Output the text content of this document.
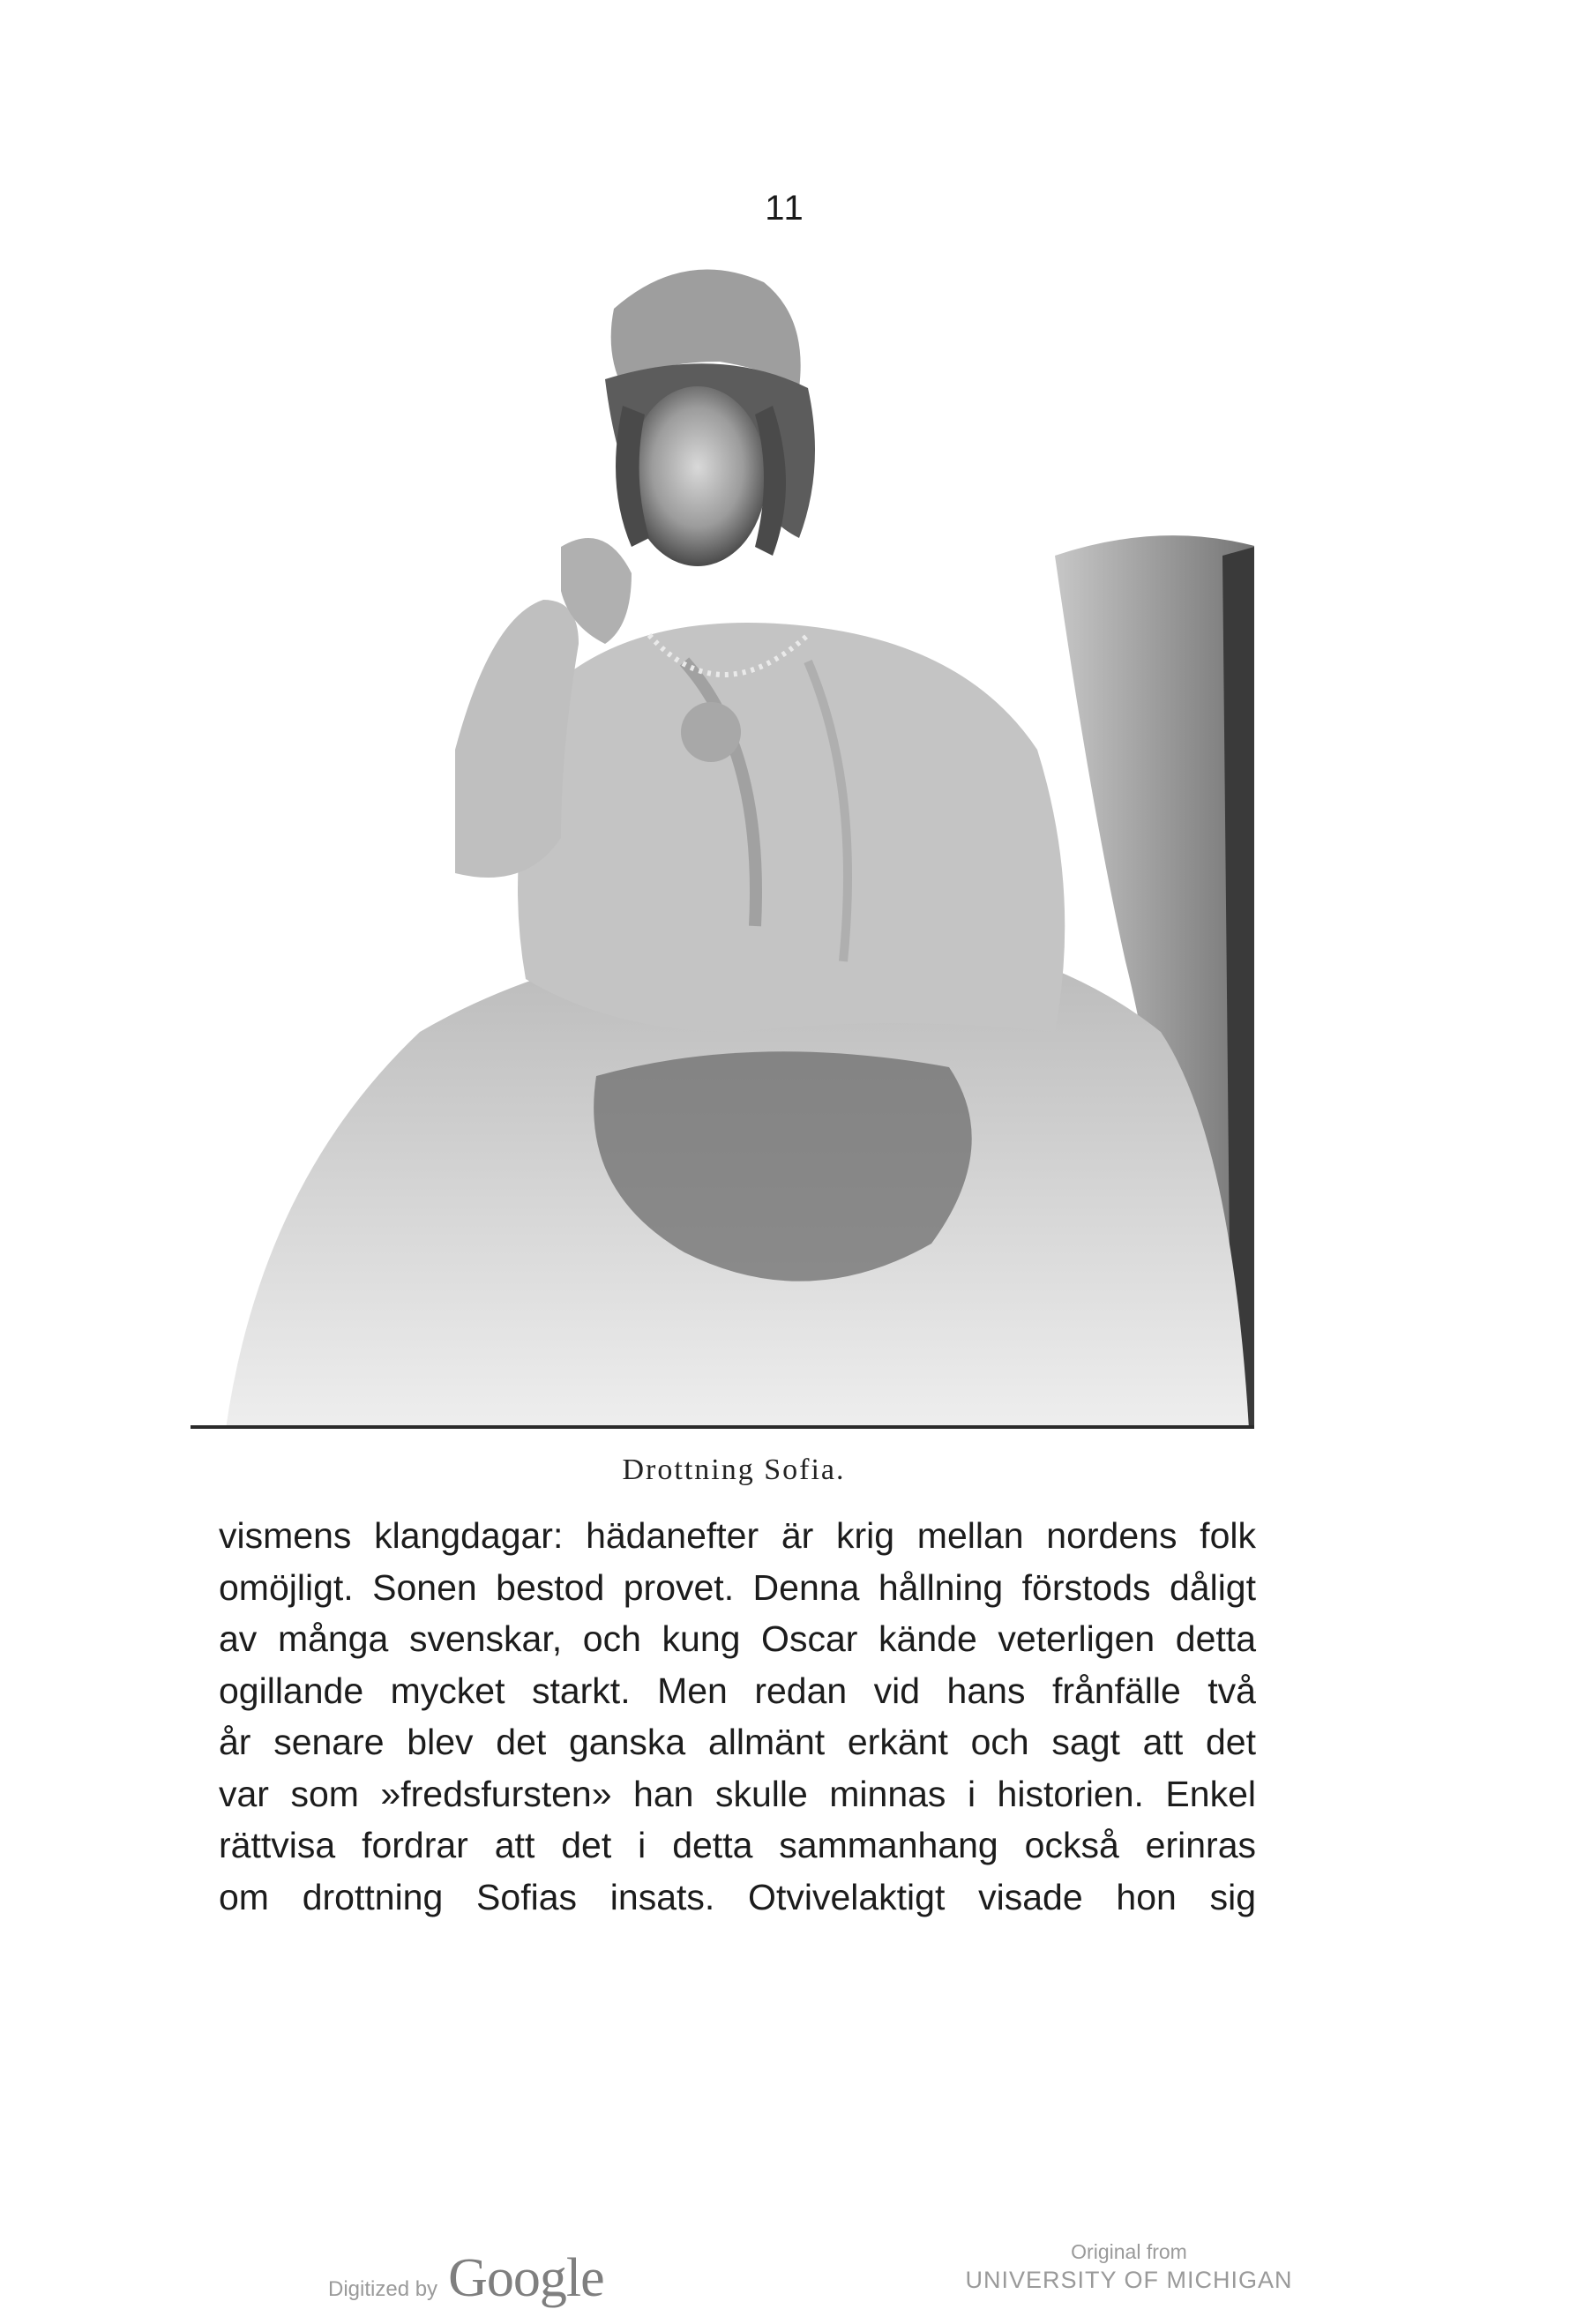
11
Drottning Sofia.
vismens klangdagar: hädanefter är krig mellan nordens folk
omöjligt. Sonen bestod provet. Denna hållning förstods dåligt
av många svenskar, och kung Oscar kände veterligen detta
ogillande mycket starkt. Men redan vid hans frånfälle två
år senare blev det ganska allmänt erkänt och sagt att det
var som »fredsfursten» han skulle minnas i historien. Enkel
rättvisa fordrar att det i detta sammanhang också erinras
om drottning Sofias insats. Otvivelaktigt visade hon sig
Digitized by Google	Original from
UNIVERSITY OF MICHIGAN
